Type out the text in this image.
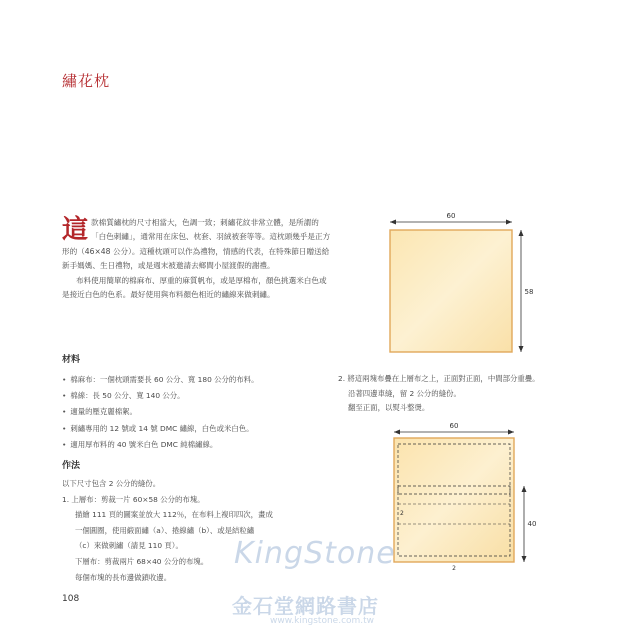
繡花枕
這 款棉質繡枕的尺寸相當大，色調一致；刺繡花紋非常立體，是所謂的「白色刺繡」，通常用在床包、枕套、羽絨被套等等。這枕頭幾乎是正方形的（46×48 公分）。這種枕頭可以作為禮物，情感的代表，在特殊節日贈送給新手媽媽、生日禮物，或是週末被邀請去鄉間小屋渡假的謝禮。

布料使用簡單的棉麻布、厚重的麻質帆布，或是厚棉布，顏色挑選米白色或是接近白色的色系。最好使用與布料顏色相近的繡線來做刺繡。

材料
• 棉麻布：一個枕頭需要長 60 公分、寬 180 公分的布料。
• 棉線：長 50 公分、寬 140 公分。
• 適量的壓克麗棉絮。
• 刺繡專用的 12 號或 14 號 DMC 繡線，白色或米白色。
• 適用厚布料的 40 號米白色 DMC 純棉繡線。
作法
以下尺寸包含 2 公分的縫份。
1. 上層布：剪裁一片 60×58 公分的布塊。
描繪 111 頁的圖案並放大 112％，在布料上複印四次，畫成
一個圓圈，使用緞面繡（a）、捲線繡（b）、或是結粒繡
（c）來做刺繡（請見 110 頁）。
下層布：剪裁兩片 68×40 公分的布塊。
每個布塊的長布邊做鎖收邊。
108
60
58
2. 將這兩塊布疊在上層布之上，正面對正面，中間部分重疊。
沿著四邊車縫，留 2 公分的縫份。
翻至正面，以熨斗整燙。
60
2
2
40
KingStone
金石堂網路書店
www.kingstone.com.tw
